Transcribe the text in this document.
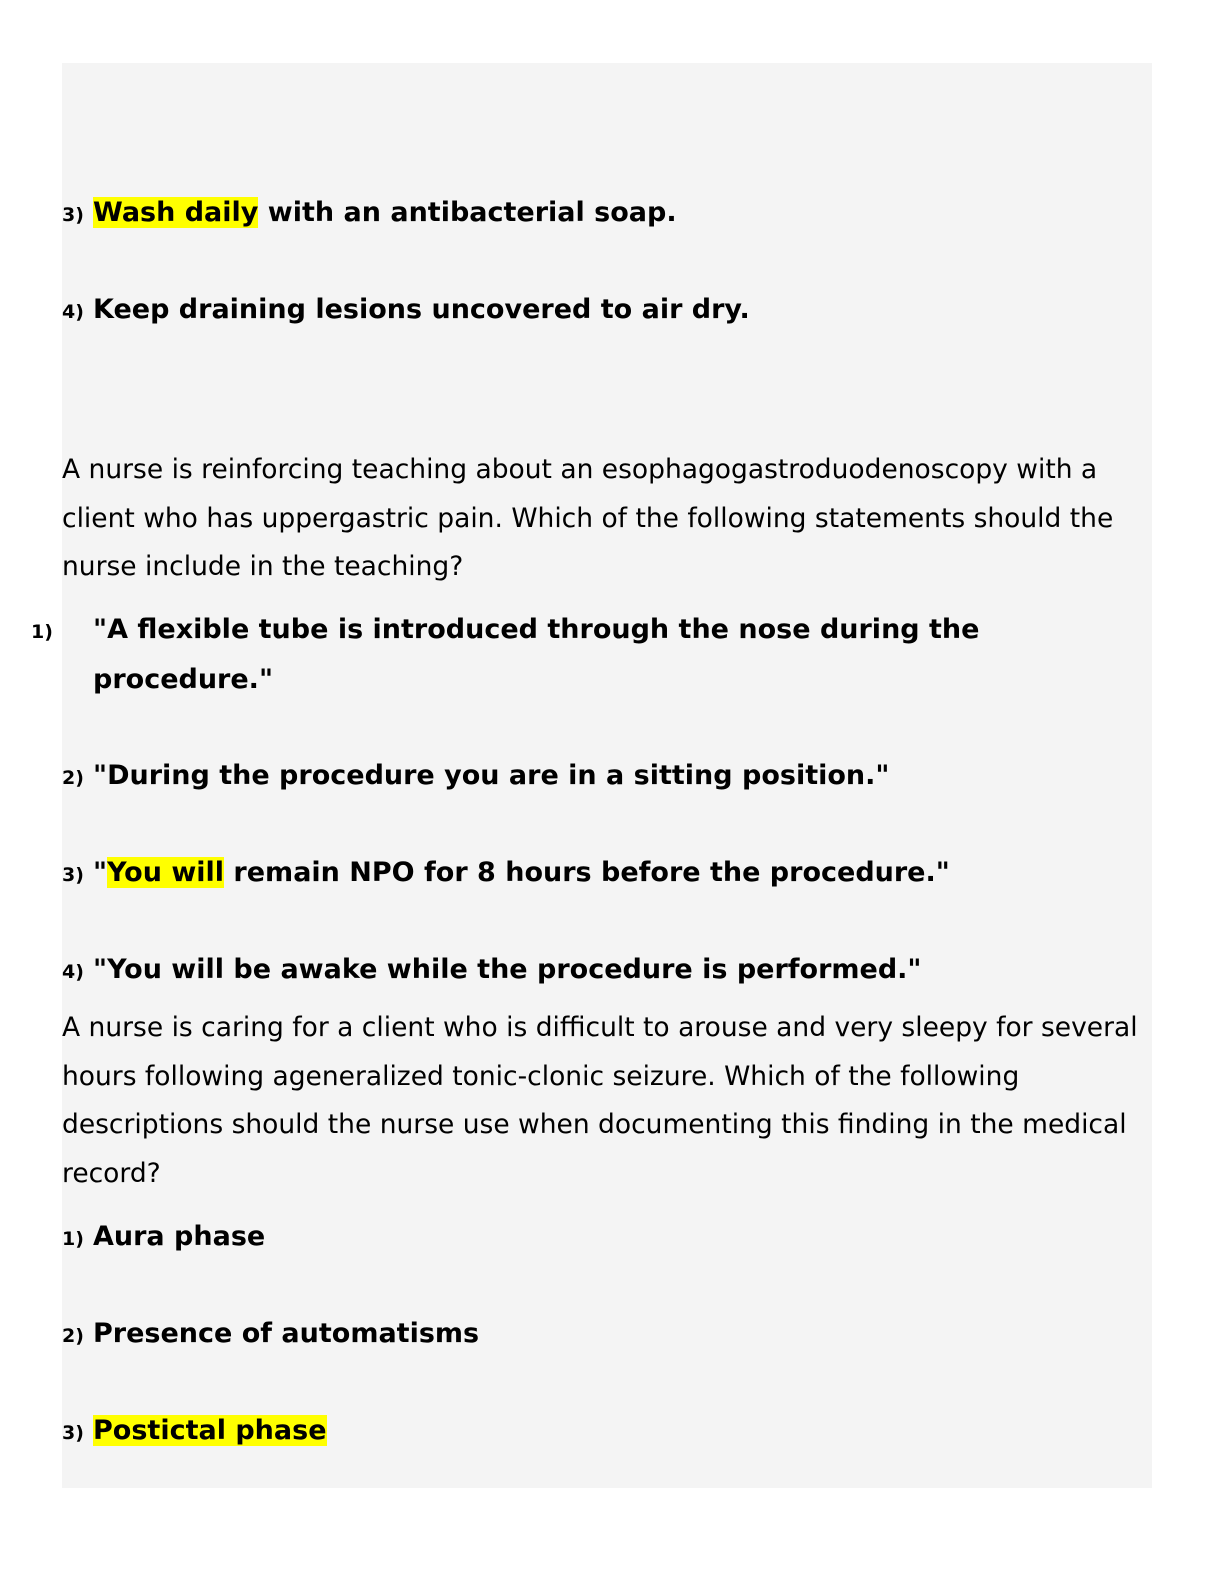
3) Wash daily with an antibacterial soap.
4) Keep draining lesions uncovered to air dry.
A nurse is reinforcing teaching about an esophagogastroduodenoscopy with a client who has uppergastric pain. Which of the following statements should the nurse include in the teaching?
1) "A flexible tube is introduced through the nose during the procedure."
2) "During the procedure you are in a sitting position."
3) "You will remain NPO for 8 hours before the procedure."
4) "You will be awake while the procedure is performed."
A nurse is caring for a client who is difficult to arouse and very sleepy for several hours following ageneralized tonic-clonic seizure. Which of the following descriptions should the nurse use when documenting this finding in the medical record?
1) Aura phase
2) Presence of automatisms
3) Postictal phase
